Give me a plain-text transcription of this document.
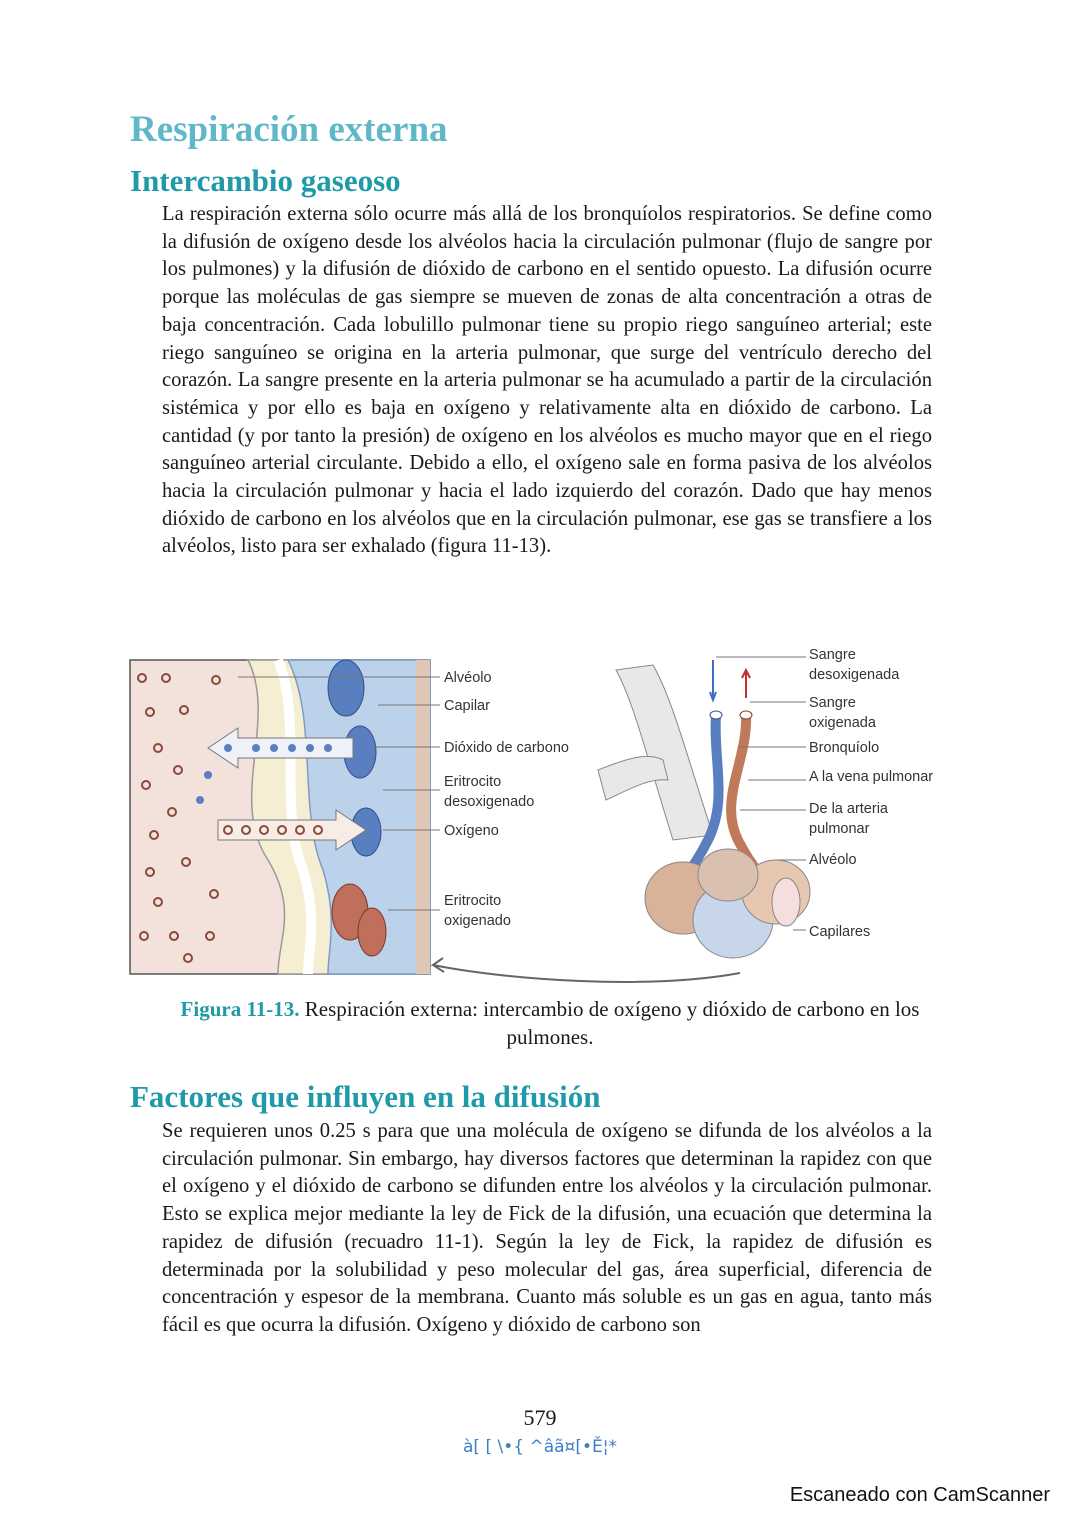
Respiración externa
Intercambio gaseoso

La respiración externa sólo ocurre más allá de los bronquíolos respiratorios. Se define como la difusión de oxígeno desde los alvéolos hacia la circulación pulmonar (flujo de sangre por los pulmones) y la difusión de dióxido de carbono en el sentido opuesto. La difusión ocurre porque las moléculas de gas siempre se mueven de zonas de alta concentración a otras de baja concentración. Cada lobulillo pulmonar tiene su propio riego sanguíneo arterial; este riego sanguíneo se origina en la arteria pulmonar, que surge del ventrículo derecho del corazón. La sangre presente en la arteria pulmonar se ha acumulado a partir de la circulación sistémica y por ello es baja en oxígeno y relativamente alta en dióxido de carbono. La cantidad (y por tanto la presión) de oxígeno en los alvéolos es mucho mayor que en el riego sanguíneo arterial circulante. Debido a ello, el oxígeno sale en forma pasiva de los alvéolos hacia la circulación pulmonar y hacia el lado izquierdo del corazón. Dado que hay menos dióxido de carbono en los alvéolos que en la circulación pulmonar, ese gas se transfiere a los alvéolos, listo para ser exhalado (figura 11-13).

Alvéolo
Capilar
Dióxido de carbono
Eritrocito
desoxigenado
Oxígeno
Eritrocito
oxigenado
Sangre
desoxigenada
Sangre
oxigenada
Bronquíolo
A la vena pulmonar
De la arteria
pulmonar
Alvéolo
Capilares
Figura 11-13. Respiración externa: intercambio de oxígeno y dióxido de carbono en los pulmones.
Factores que influyen en la difusión

Se requieren unos 0.25 s para que una molécula de oxígeno se difunda de los alvéolos a la circulación pulmonar. Sin embargo, hay diversos factores que determinan la rapidez con que el oxígeno y el dióxido de carbono se difunden entre los alvéolos y la circulación pulmonar. Esto se explica mejor mediante la ley de Fick de la difusión, una ecuación que determina la rapidez de difusión (recuadro 11-1). Según la ley de Fick, la rapidez de difusión es determinada por la solubilidad y peso molecular del gas, área superficial, diferencia de concentración y espesor de la membrana. Cuanto más soluble es un gas en agua, tanto más fácil es que ocurra la difusión. Oxígeno y dióxido de carbono son

579
à[ [ \•{ ^âã¤[•Ě¦*
Escaneado con CamScanner
